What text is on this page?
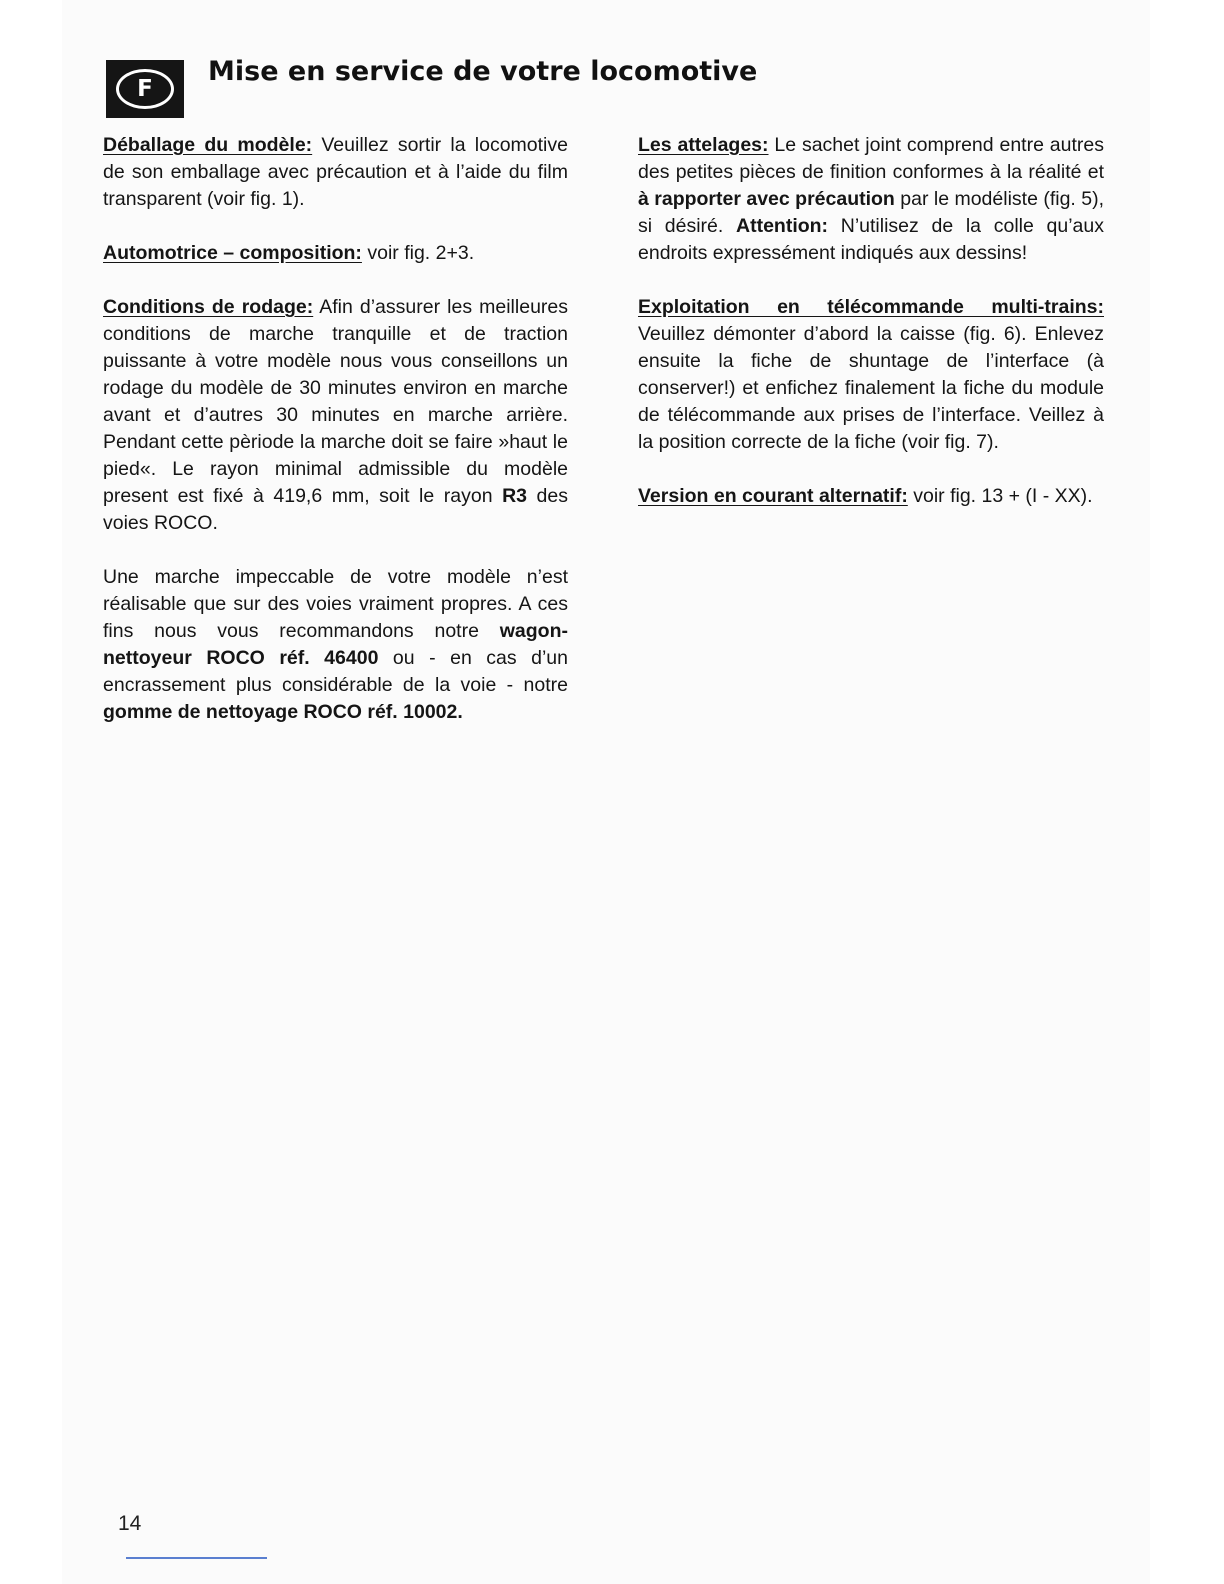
F
Mise en service de votre locomotive

Déballage du modèle: Veuillez sortir la locomotive de son emballage avec précaution et à l’aide du film transparent (voir fig. 1).

Automotrice – composition: voir fig. 2+3.

Conditions de rodage: Afin d’assurer les meilleures conditions de marche tranquille et de traction puissante à votre modèle nous vous conseillons un rodage du modèle de 30 minutes environ en marche avant et d’autres 30 minutes en marche arrière. Pendant cette pèriode la marche doit se faire »haut le pied«. Le rayon minimal admissible du modèle present est fixé à 419,6 mm, soit le rayon R3 des voies ROCO.

Une marche impeccable de votre modèle n’est réalisable que sur des voies vraiment propres. A ces fins nous vous recommandons notre wagon-nettoyeur ROCO réf. 46400 ou - en cas d’un encrassement plus considérable de la voie - notre gomme de nettoyage ROCO réf. 10002.

Les attelages: Le sachet joint comprend entre autres des petites pièces de finition conformes à la réalité et à rapporter avec précaution par le modéliste (fig. 5), si désiré. Attention: N’utilisez de la colle qu’aux endroits expressément indiqués aux dessins!

Exploitation en télécommande multi-trains: Veuillez démonter d’abord la caisse (fig. 6). Enlevez ensuite la fiche de shuntage de l’interface (à conserver!) et enfichez finalement la fiche du module de télécommande aux prises de l’interface. Veillez à la position correcte de la fiche (voir fig. 7).

Version en courant alternatif: voir fig. 13 + (I - XX).

14
